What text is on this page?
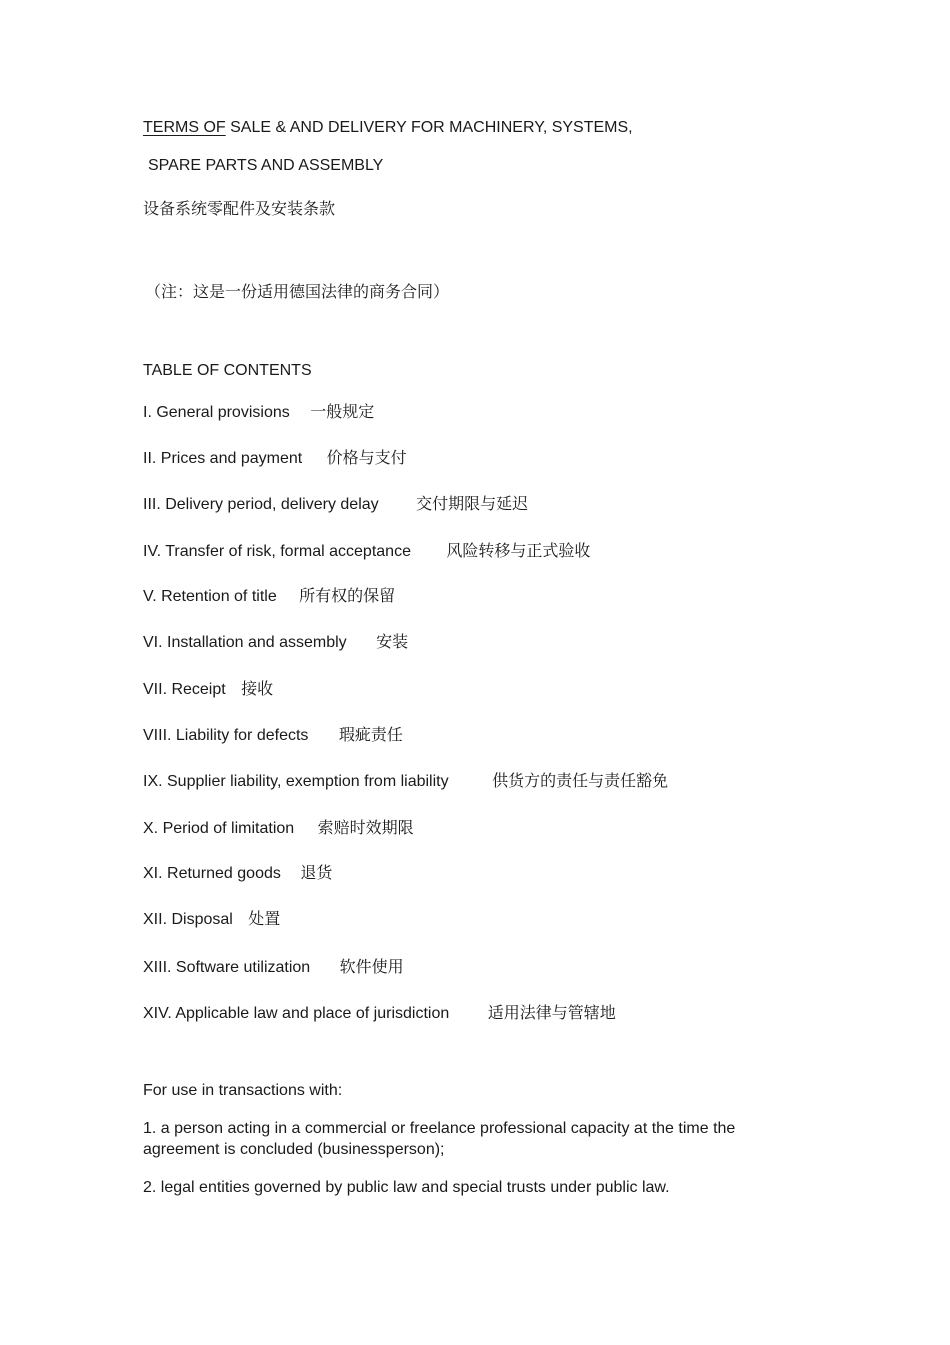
TERMS OF SALE & AND DELIVERY FOR MACHINERY, SYSTEMS,
SPARE PARTS AND ASSEMBLY
设备系统零配件及安装条款
（注：这是一份适用德国法律的商务合同）
TABLE OF CONTENTS
I. General provisions 一般规定
II. Prices and payment 价格与支付
III. Delivery period, delivery delay 交付期限与延迟
IV. Transfer of risk, formal acceptance 风险转移与正式验收
V. Retention of title 所有权的保留
VI. Installation and assembly 安装
VII. Receipt 接收
VIII. Liability for defects 瑕疵责任
IX. Supplier liability, exemption from liability	供货方的责任与责任豁免
X. Period of limitation 索赔时效期限
XI. Returned goods 退货
XII. Disposal 处置
XIII. Software utilization 软件使用
XIV. Applicable law and place of jurisdiction 适用法律与管辖地
For use in transactions with:
1. a person acting in a commercial or freelance professional capacity at the time the agreement is concluded (businessperson);
2. legal entities governed by public law and special trusts under public law.
